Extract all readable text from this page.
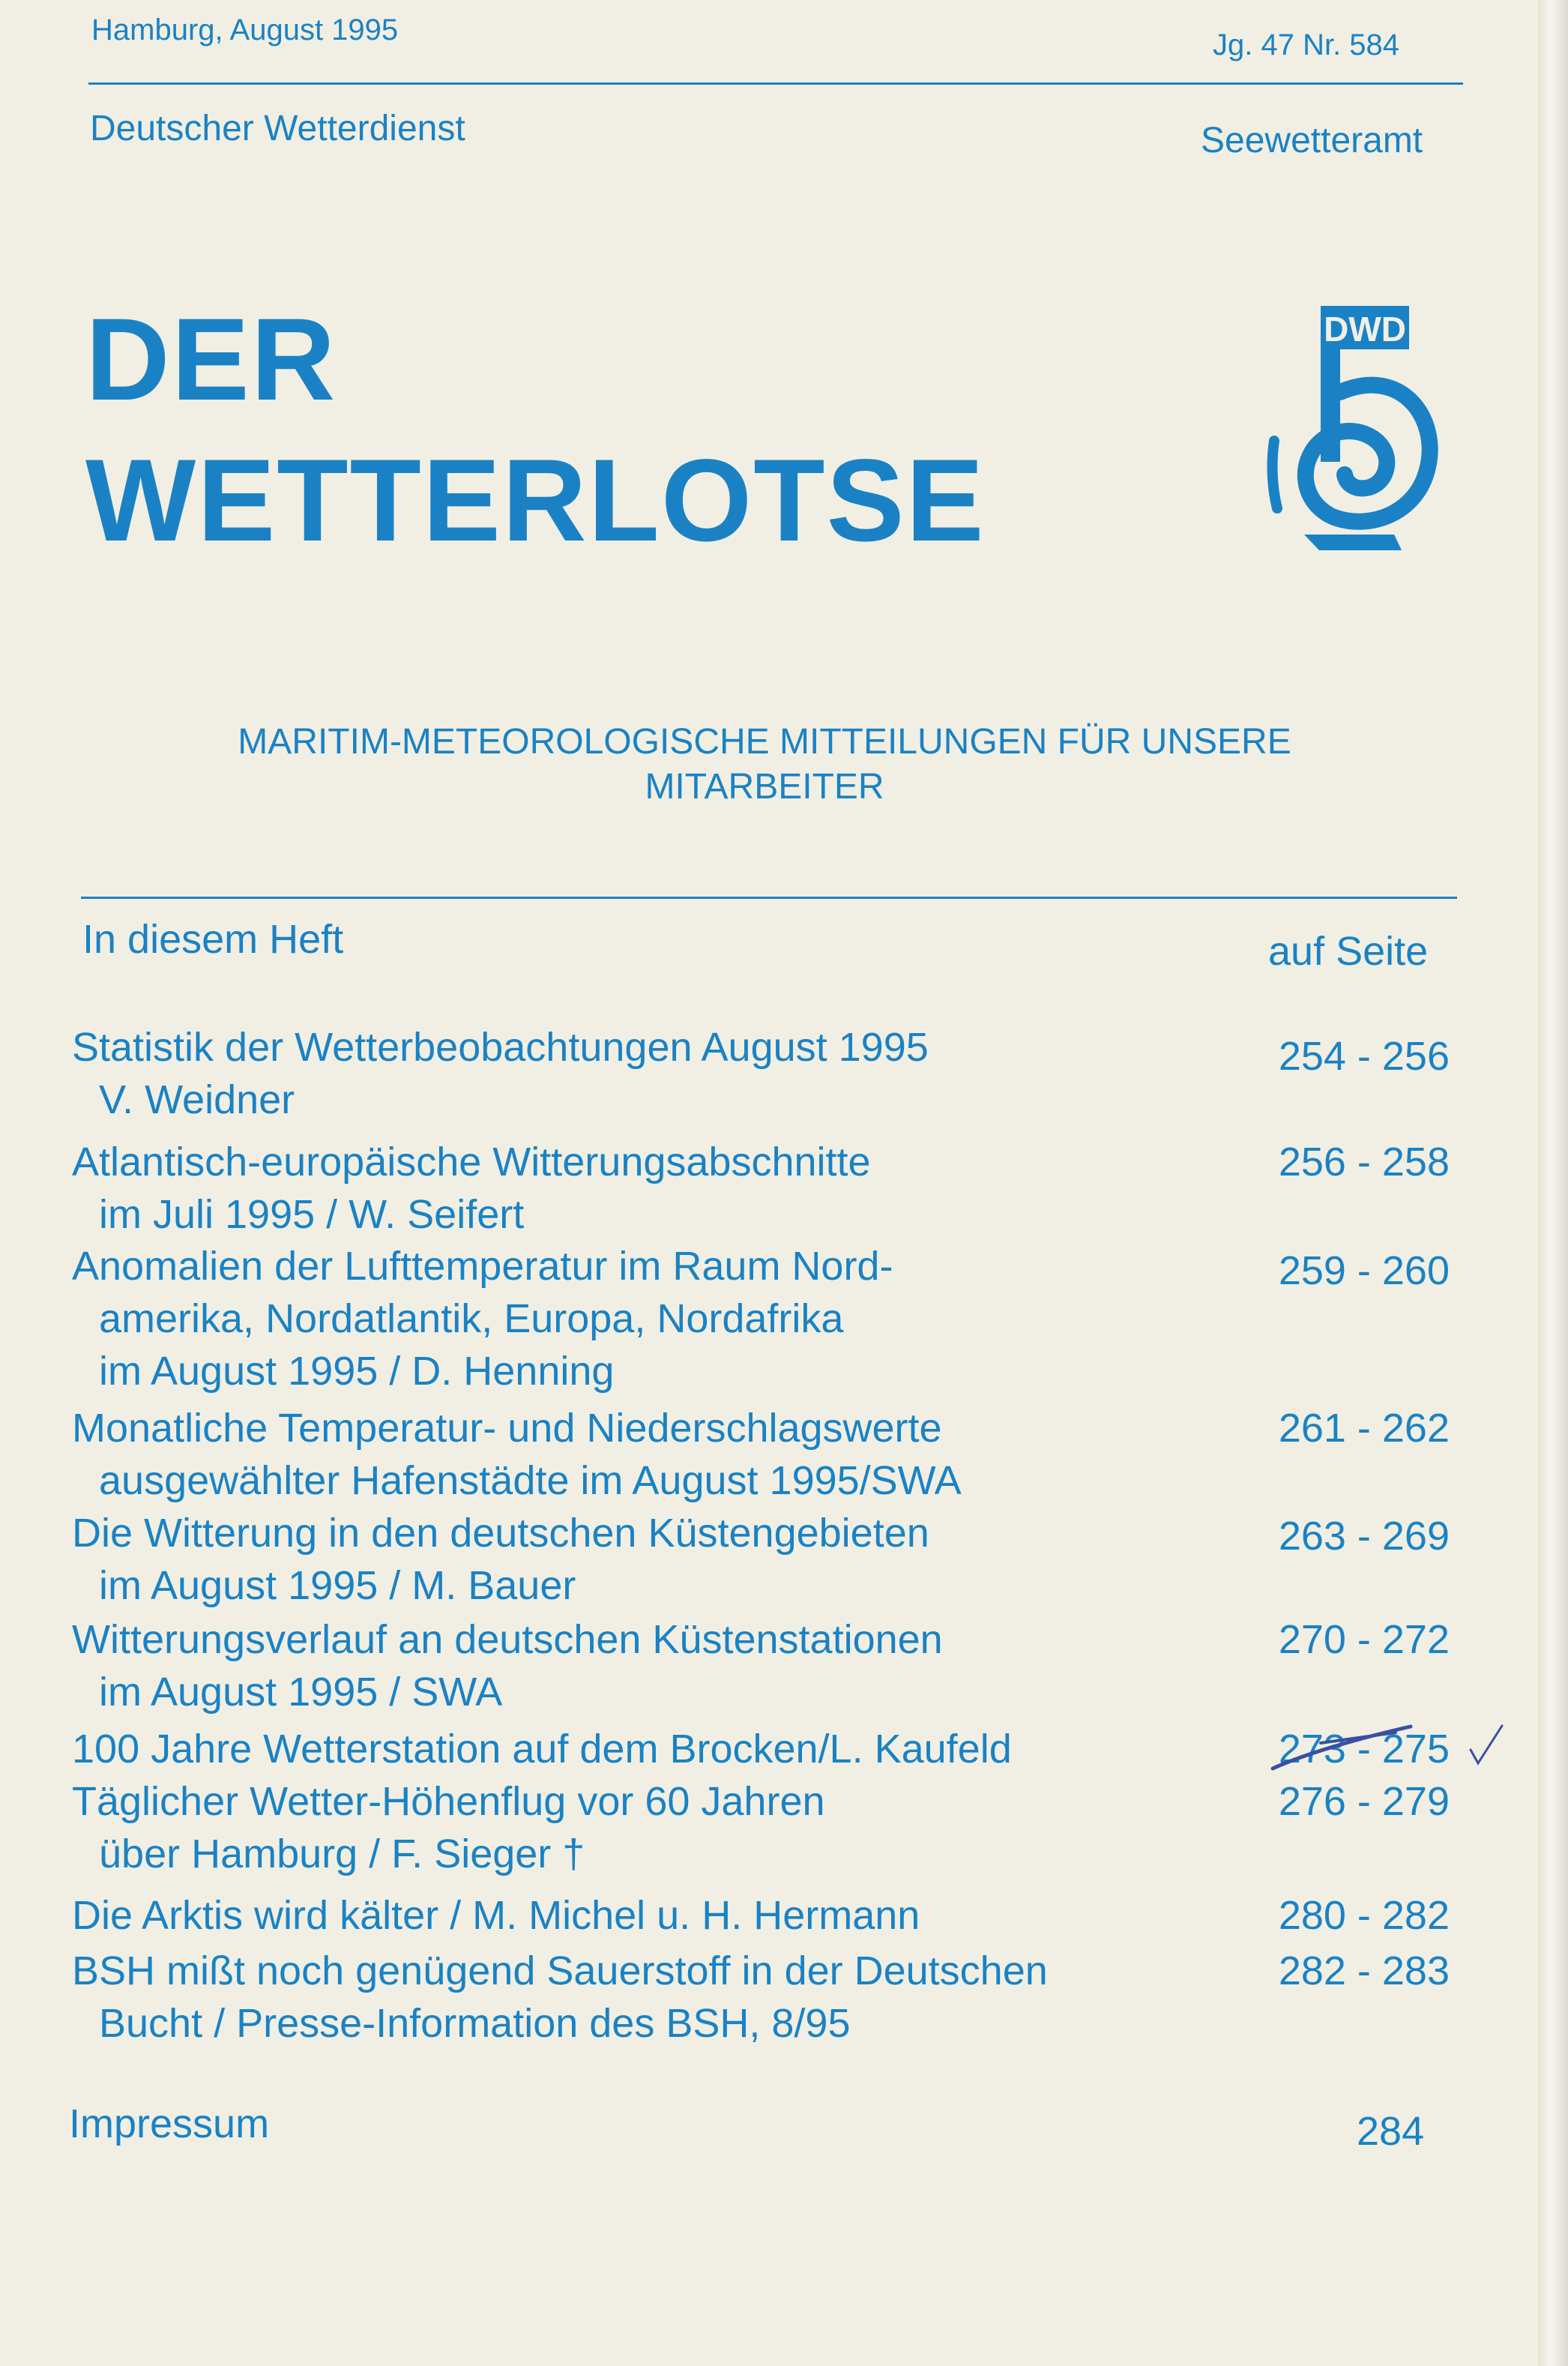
Hamburg, August 1995	Jg. 47 Nr. 584
Deutscher Wetterdienst	Seewetteramt
DER
WETTERLOTSE
DWD
MARITIM-METEOROLOGISCHE MITTEILUNGEN FÜR UNSERE
MITARBEITER
In diesem Heft	auf Seite
Statistik der Wetterbeobachtungen August 1995
V. Weidner
254 - 256
Atlantisch-europäische Witterungsabschnitte
im Juli 1995 / W. Seifert
256 - 258
Anomalien der Lufttemperatur im Raum Nord-
amerika, Nordatlantik, Europa, Nordafrika
im August 1995 / D. Henning
259 - 260
Monatliche Temperatur- und Niederschlagswerte
ausgewählter Hafenstädte im August 1995/SWA
261 - 262
Die Witterung in den deutschen Küstengebieten
im August 1995 / M. Bauer
263 - 269
Witterungsverlauf an deutschen Küstenstationen
im August 1995 / SWA
270 - 272
100 Jahre Wetterstation auf dem Brocken/L. Kaufeld	273 - 275
Täglicher Wetter-Höhenflug vor 60 Jahren
über Hamburg / F. Sieger †
276 - 279
Die Arktis wird kälter / M. Michel u. H. Hermann	280 - 282
BSH mißt noch genügend Sauerstoff in der Deutschen
Bucht / Presse-Information des BSH, 8/95
282 - 283
Impressum	284
